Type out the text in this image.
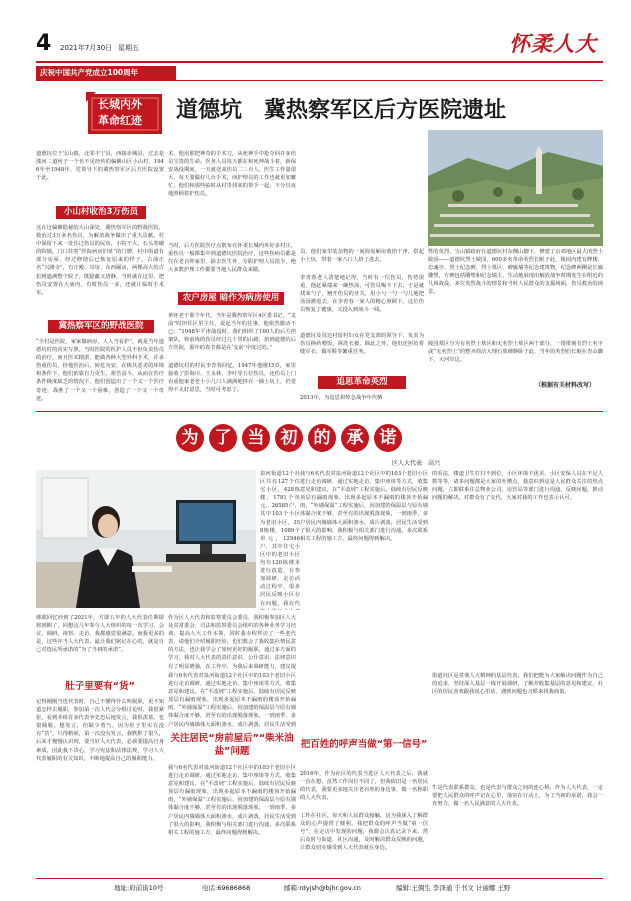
4 2021年7月30日 星期五	怀柔人大
庆祝中国共产党成立100周年
长城内外
革命红迹 道德坑　冀热察军区后方医院遗址
道德坑位于宝山镇，北邻丰宁县，西接赤城县，过去是滦河二道河子一个名不见经传的偏僻山区小山村，1946年至1948年，党领导下的冀热察军区后方医院设置于此。
小山村收治3万伤员
这在这偏僻隐秘的大山深处，冀热察军区的野战医院，救治过3万多名伤员，为解放战争做出了重大贡献。村中保留下来一处住过伤员的民房，小院不大，石头垒砌的院墙，门口挂着“医院病房旧址”的门牌，村中街道有部分房屋，经过修缮后已恢复原来的样子，古油正名“兴隆寺”，有正殿、耳房、东西厢房，两棵高大的古松树遮满整个院子，既隐蔽又清静，当时就在这里，把伤员安置在大庙内，有时伤员一多，还就让临时手术室。
冀热察军区的野战医院
“全村是医院，家家做病房，人人当看护”，就是当年道德坑村的真实写照。当时医院的医护人员不但负责伤员的治疗，而且医术精湛，能做各种大型外科手术，许多伤重伤员，经他医治后，转危为安，在极其恶劣的环境和条件下，他们依靠自力更生，艰苦奋斗，从而在医疗条件极度缺乏的情况下，他们创造出了一个又一个医疗奇迹，战胜了一个又一个困难，创造了一个又一个奇迹。
术，他用那把神奇的手术刀，从死神手中抢夺回许多伤员宝贵的生命。医务人员每天都在和死神战斗着，新保安战役期间，一天就送来伤员二三百人，医生工作量很大，每天要做好几台手术，而护理员的工作也就更加繁忙，他们和那些临时从村里找来的帮手一起，不分昼夜地照顾着护伤员。
当时，后方医院医疗点散布在怀柔长城内外好多村庄，重伤员一般都集中到道德坑医院治疗，这些伤病员都是住在老百姓家里，除去医生外，专职护理人员很少，绝大多数护理工作都要当地人民群众来做。
农户房屋 暗作为病房使用
黄怀老于那个年代，当年是冀热察军区4区委书记，“支前”时担任区里主任，说起当年的往事，他依然激动不已：“1948年平津战役时，我们组织了160人的后方担架队，将前线的伤员经过几十里的山路，抬到道德坑后方医院，那年的春节都是在‘支前’中度过的。”
道德坑村的村民李青春回忆，1947年他刚15岁，家里接收了彭海川、王永林、李叶等五位伤员，还伤员上门看重他家老老小小几口人满满地挤在一铺土炕上，仍觉得不太好意思，当时可考虑了。
员，他们家里装杂物的一间简易厢房收拾干净，搭起小土炕，带着一家八口人挤了进去。
李青春老人清楚地记得，当时有一位伤员，伤势很重，他赶紧端来一碗热汤，可伤员喝不下去，于是就找来勺子，翘开伤员的牙关，用小勺一勺一勺儿地把汤汤灌进去，在李青春一家人的精心照顾下，这位伤员恢复了健康，又投入到战斗一线。
道德坑及周边村留村妇女在党支部的领导下，负责为伤员换药喂饭，拆洗衣被，除此之外，他们还担负着缝军衣、做军鞋等繁重任务。
追思革命英烈
2013年，为追思和悼念战争年代牺
牲的英烈，宝山镇政府在道德坑村东侧山脚下，修建了京郊地区最大的烈士陵园——道德坑烈士陵园，600多名革命英烈长眠于此，陵园内建有牌楼、忠魂亭、烈士纪念碑、烈士墓区、碑廊墙等纪念建筑物，纪念碑两侧是长廊雕塑，方碑包括雕塑和纪念墙主，生动地展现出解放战争时期发生在附近的几场战役，多位英烈战斗的情景和当时人民群众的支援场面，伤员救治的场景。
陵园墓区分为有名烈士墓区和无名烈士墓区两个部分，一排排刻有烈士名字或“无名烈士”的整齐简洁大理石墓碑静卧于此，当年的英烈们长眠在青山脚下，天河岸边。
（根据有关材料改写）
为 了 当 初 的 承 诺
区人大代表　高兴
韩眼回忆经到了2021年，方即五年的人大代表任期即将到期了，回想这几年参与人大组织的每一次学习、会议、调研、视察、走访，我都感觉很满意。而我更多的是，这些年当人大代表，最让我们铭记在心的，就是自己对选民所承诺的“为了当初的承诺”。
肚子里要有“货”
记得刚刚当选代表时，自己不懂得什么叫履职，更不知道怎样去履职，参加第一次人代会分组讨论时，我很紧张，看到本组许多代表争先恐后地发言，我很羡慕，也很佩服，想发言，但缺少勇气，因为肚子里实在没有“货”，只得稍候，第一次没有发言，我默默了很久，后来才慢慢认识到，要当好人大代表，必须要提高自身素质，因此我下决心，学习宪法和法律法规，学习人大代表履职的有关知识，不断地提高自己的履职能力。
作为区人大代表和监察委员会委员，我积极参加区人大及其常委会、司法和监察委员会组织的各种业务学习培训，提高人大工作本领，同时我专程拜访了一些老代表，请他们介绍履职经验，也们教会了我收集社情民意的方法，也让我学会了如何更好的履职，通过多方面的学习，我对人大代表的责任意识、公仆意识、法律意识有了明显增强，在工作中，为我后来调研能力，建议提
泉河街道12个社区共有127个住宅小区，428栋楼，1781个单元，26585户，其中103个小区为老旧小区，358栋楼，1089个单元，12946户，其中住宅小区中的老旧小区均有120栋楼未进行改造，在参加调研、走访活动过程中，很多居民反映小区存在问题，我在代
我与6名代表对泉河街道12个社区中的103个老旧小区进行走访调研，通过实地走访、集中座谈等方式，收集意见和建议，在“平改坡”工程实施后，陆续有居民反映顶层有漏雨现象，出现多起原本不漏雨的楼顶开始漏雨，“外墙保温”工程实施后，因加建的保温层与原有墙体黏合度不够，甚至有的出现脱落现象，一到雨季，多户居民内墙墙体大面积渗水，成片剥落，居民生活受到
关注居民“房前屋后”“柴米油盐”问题
我与6名代表对泉河街道12个社区中的103个老旧小区进行走访调研，通过实地走访、集中座谈等方式，收集意见和建议，在“平改坡”工程实施后，陆续有居民反映顶层有漏雨现象，出现多起原本不漏雨的楼顶开始漏雨，“外墙保温”工程实施后，因加建的保温层与原有墙体黏合度不够，甚至有的出现脱落现象，一到雨季，多户居民内墙墙体大面积渗水，成片剥落，居民生活受到了很大的影响，我积极与相关部门进行沟通，多次联系相关工程的施工方，最终问题得到解决。
我与6名代表对泉河街道12个社区中的103个老旧小区进行走访调研，通过实地走访、集中座谈等方式，收集意见和建议，在“平改坡”工程实施后，陆续有居民反映顶层有漏雨现象，出现多起原本不漏雨的楼顶开始漏雨，“外墙保温”工程实施后，因加建的保温层与原有墙体黏合度不够，甚至有的出现脱落现象，一到雨季，多户居民内墙墙体大面积渗水，成片剥落，居民生活受到了很大的影响，我积极与相关部门进行沟通，多次联系相关工程的施工方，最终问题得到解决。
把百姓的呼声当做“第一信号”
2016年，作为社区的代表当选区人大代表之后，我就一直在想，虽然工作岗位不同了，但我依旧是一名居民的代表，我要更多地关注老百姓的身边事，做一名称职的人大代表。
工作在社区，每天和人民群众接触，这为我深入了解群众的心声提供了便利，我把群众的呼声当做“第一信号”，在走访中发现的问题，我都会认真记录下来，然后及时与街道、社区沟通，及时解决群众反映的问题，让群众切实感受到人大代表就在身边。
的看法，楼道卫生打扫不到位，小区环境不优美，小区安保人员在不足人数等等，诸多问题都是大家的吐槽点，我意识到这是人民群众关注的热点问题，立即联系住总物业公司、房管局等部门进行沟通，反映问题，推动问题的解决，对群众有了交代，大家对我的工作也表示认可。
街道社区是贯彻人大精神的基层代表，我们把能为大家解决问题作为自己的追求，坚持深入基层一线开展调研，了解并收集基层的意见和建议，社区的居民喜欢跟我说心里话，遇到问题也习惯来找我商量。
生是代表联系群众，也是代表与群众之间的连心桥，作为人大代表，一定要把人民群众的呼声记在心里，落实在行动上，为了当初的承诺，我会一直努力，做一名人民满意的人大代表。
地址:府前街10号	电话:69686868	邮箱:rdyjsh@bjhr.gov.cn	编辑:王倜生 李泽通 于书文 计丽娜 王野
